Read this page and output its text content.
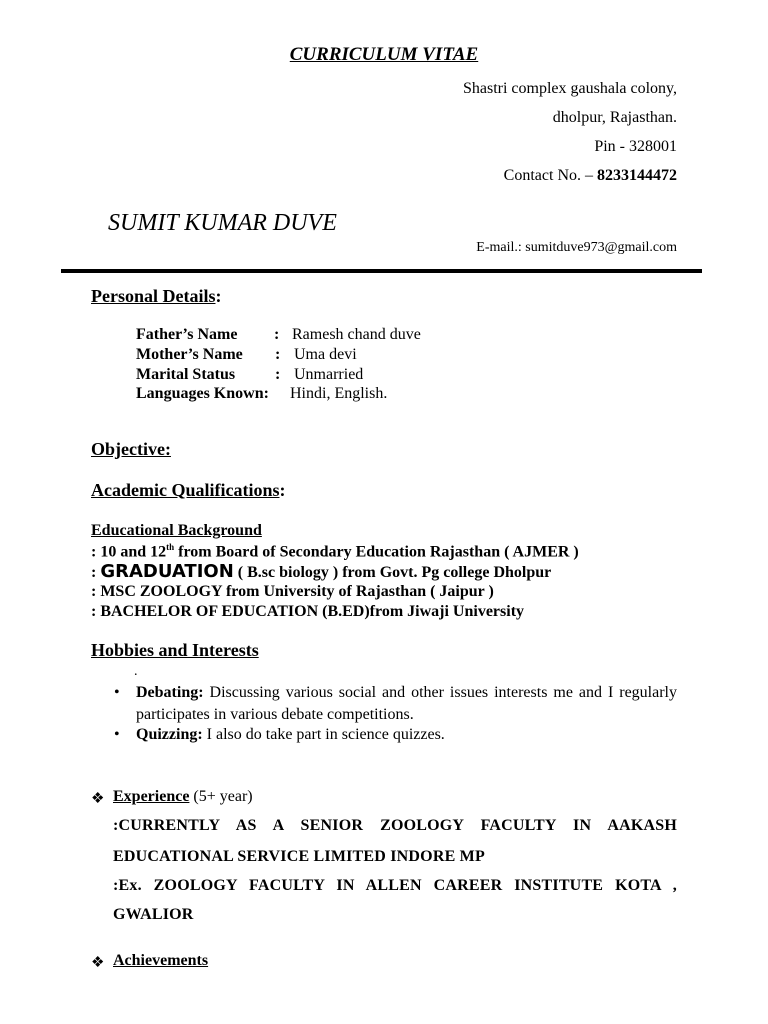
CURRICULUM VITAE
Shastri complex gaushala colony,
dholpur, Rajasthan.
Pin - 328001
Contact No. – 8233144472
SUMIT KUMAR DUVE
E-mail.: sumitduve973@gmail.com
Personal Details:
Father’s Name : Ramesh chand duve
Mother’s Name : Uma devi
Marital Status : Unmarried
Languages Known: Hindi, English.
Objective:
Academic Qualifications:
Educational Background
: 10 and 12th from Board of Secondary Education Rajasthan ( AJMER )
: GRADUATION ( B.sc biology ) from Govt. Pg college Dholpur
: MSC ZOOLOGY from University of Rajasthan ( Jaipur )
: BACHELOR OF EDUCATION (B.ED)from Jiwaji University
Hobbies and Interests
.
• Debating: Discussing various social and other issues interests me and I regularly participates in various debate competitions.
• Quizzing: I also do take part in science quizzes.
❖ Experience (5+ year)
:CURRENTLY AS A SENIOR ZOOLOGY FACULTY IN AAKASH
EDUCATIONAL SERVICE LIMITED INDORE MP
:Ex. ZOOLOGY FACULTY IN ALLEN CAREER INSTITUTE KOTA ,
GWALIOR
❖ Achievements
